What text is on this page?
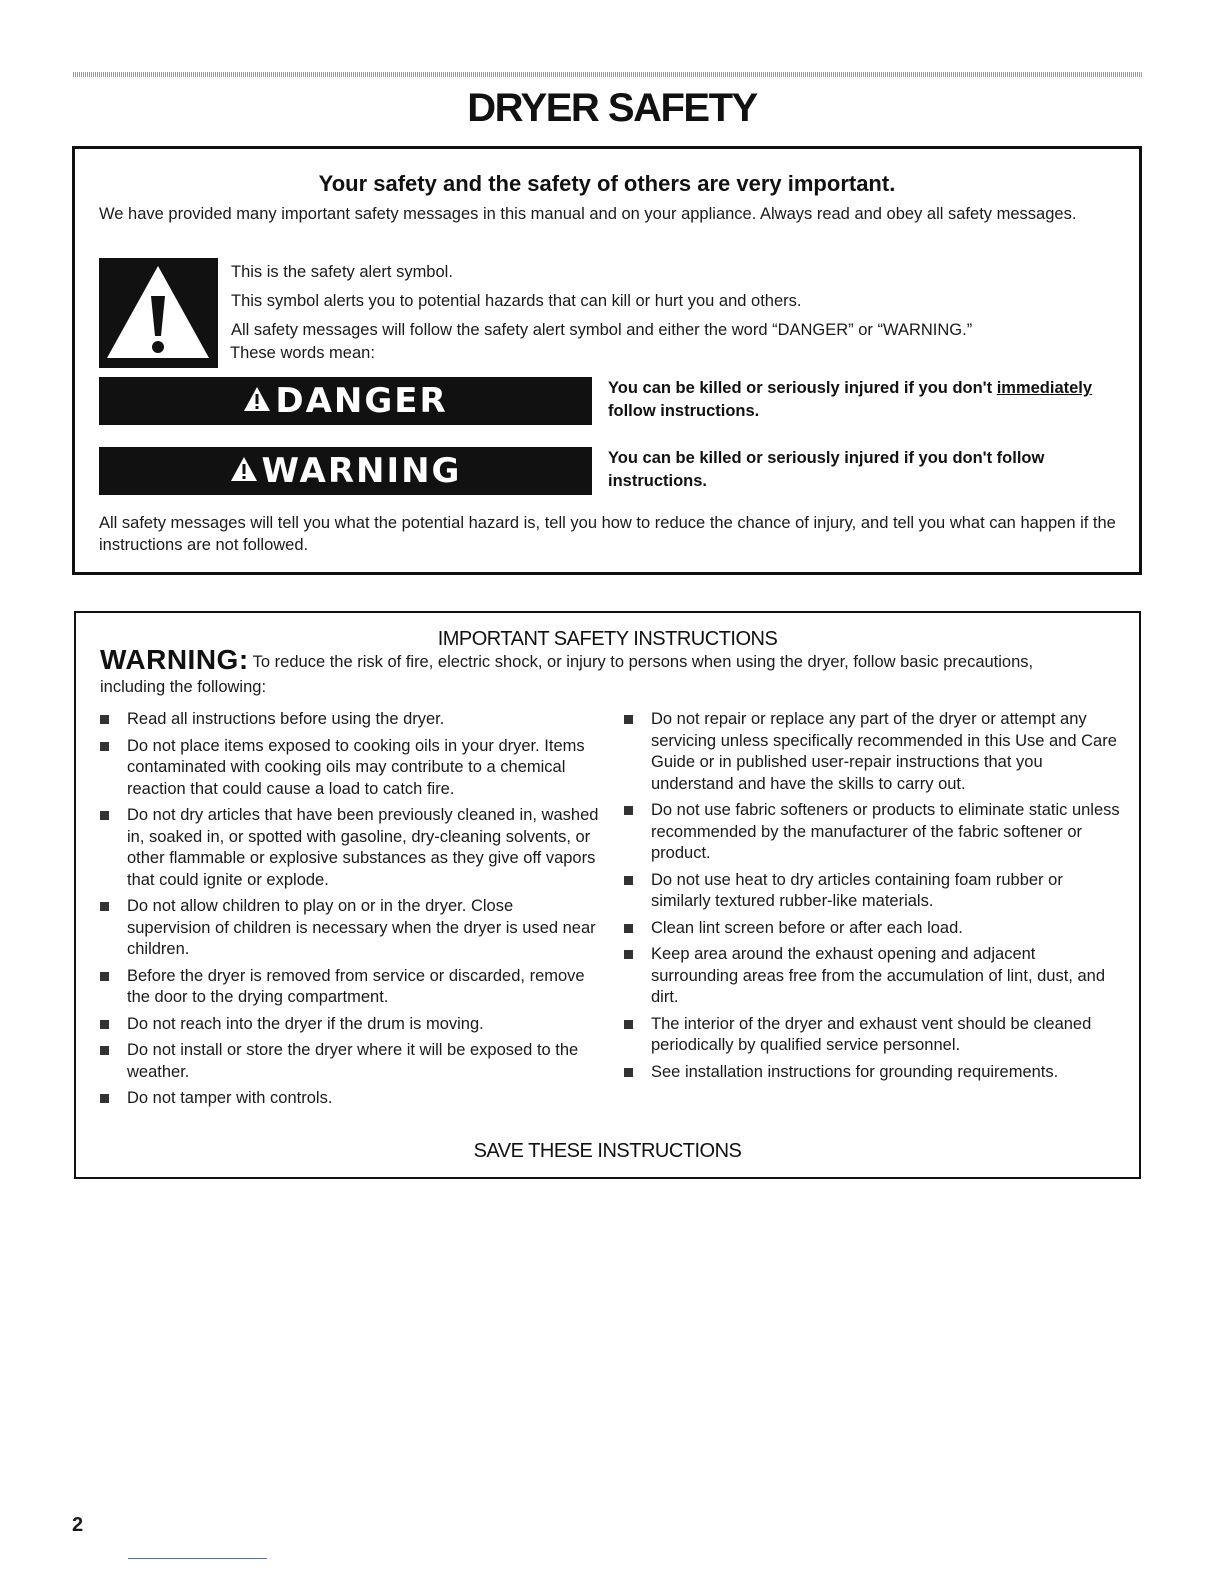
DRYER SAFETY
Your safety and the safety of others are very important.
We have provided many important safety messages in this manual and on your appliance. Always read and obey all safety messages.
This is the safety alert symbol.
This symbol alerts you to potential hazards that can kill or hurt you and others.
All safety messages will follow the safety alert symbol and either the word “DANGER” or “WARNING.”
These words mean:
DANGER	You can be killed or seriously injured if you don't immediately follow instructions.
WARNING	You can be killed or seriously injured if you don't follow instructions.
All safety messages will tell you what the potential hazard is, tell you how to reduce the chance of injury, and tell you what can happen if the instructions are not followed.
IMPORTANT SAFETY INSTRUCTIONS
WARNING: To reduce the risk of fire, electric shock, or injury to persons when using the dryer, follow basic precautions,
including the following:
Read all instructions before using the dryer.
Do not place items exposed to cooking oils in your dryer. Items contaminated with cooking oils may contribute to a chemical reaction that could cause a load to catch fire.
Do not dry articles that have been previously cleaned in, washed in, soaked in, or spotted with gasoline, dry-cleaning solvents, or other flammable or explosive substances as they give off vapors that could ignite or explode.
Do not allow children to play on or in the dryer. Close supervision of children is necessary when the dryer is used near children.
Before the dryer is removed from service or discarded, remove the door to the drying compartment.
Do not reach into the dryer if the drum is moving.
Do not install or store the dryer where it will be exposed to the weather.
Do not tamper with controls.
Do not repair or replace any part of the dryer or attempt any servicing unless specifically recommended in this Use and Care Guide or in published user-repair instructions that you understand and have the skills to carry out.
Do not use fabric softeners or products to eliminate static unless recommended by the manufacturer of the fabric softener or product.
Do not use heat to dry articles containing foam rubber or similarly textured rubber-like materials.
Clean lint screen before or after each load.
Keep area around the exhaust opening and adjacent surrounding areas free from the accumulation of lint, dust, and dirt.
The interior of the dryer and exhaust vent should be cleaned periodically by qualified service personnel.
See installation instructions for grounding requirements.
SAVE THESE INSTRUCTIONS
2
